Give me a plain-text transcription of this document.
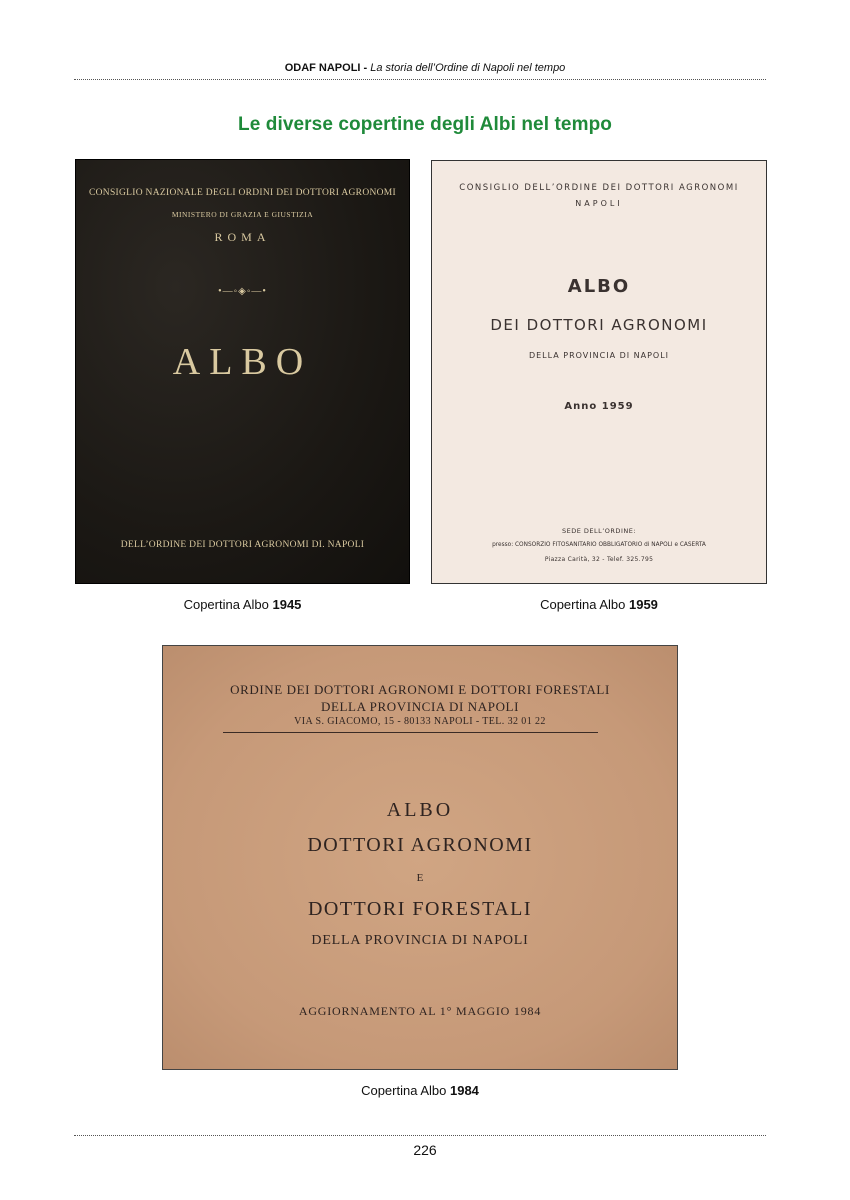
ODAF NAPOLI - La storia dell’Ordine di Napoli nel tempo
Le diverse copertine degli Albi nel tempo
CONSIGLIO NAZIONALE DEGLI ORDINI DEI DOTTORI AGRONOMI
MINISTERO DI GRAZIA E GIUSTIZIA
ROMA
•—◦◈◦—•
ALBO
DELL’ORDINE DEI DOTTORI AGRONOMI DI. NAPOLI
CONSIGLIO DELL’ORDINE DEI DOTTORI AGRONOMI
NAPOLI
ALBO
DEI DOTTORI AGRONOMI
DELLA PROVINCIA DI NAPOLI
Anno 1959
SEDE DELL’ORDINE:
presso: CONSORZIO FITOSANITARIO OBBLIGATORIO di NAPOLI e CASERTA
Piazza Carità, 32 - Telef. 325.795
ORDINE DEI DOTTORI AGRONOMI E DOTTORI FORESTALI
DELLA PROVINCIA DI NAPOLI
VIA S. GIACOMO, 15 - 80133 NAPOLI - TEL. 32 01 22
ALBO
DOTTORI AGRONOMI
E
DOTTORI FORESTALI
DELLA PROVINCIA DI NAPOLI
AGGIORNAMENTO AL 1° MAGGIO 1984
Copertina Albo 1945	Copertina Albo 1959
Copertina Albo 1984
226
